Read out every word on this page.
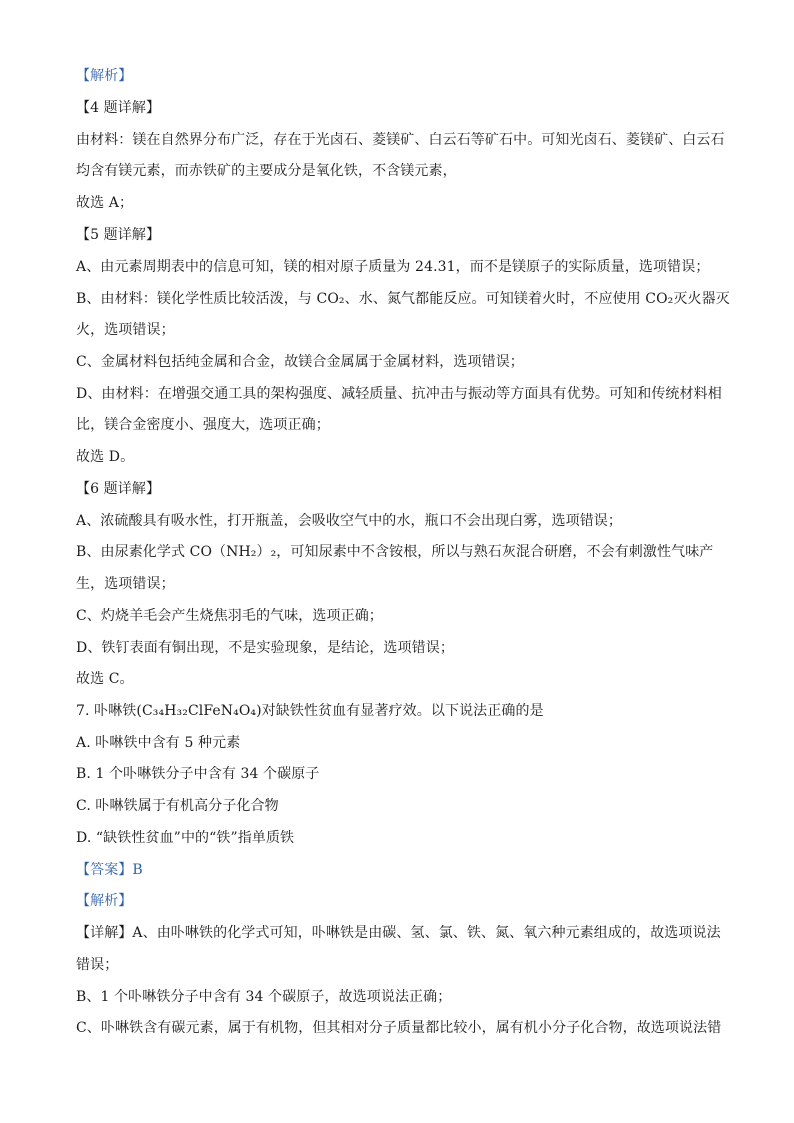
【解析】
【4 题详解】
由材料：镁在自然界分布广泛，存在于光卤石、菱镁矿、白云石等矿石中。可知光卤石、菱镁矿、白云石
均含有镁元素，而赤铁矿的主要成分是氧化铁，不含镁元素，
故选 A；
【5 题详解】
A、由元素周期表中的信息可知，镁的相对原子质量为 24.31，而不是镁原子的实际质量，选项错误；
B、由材料：镁化学性质比较活泼，与 CO₂、水、氮气都能反应。可知镁着火时，不应使用 CO₂灭火器灭
火，选项错误；
C、金属材料包括纯金属和合金，故镁合金属属于金属材料，选项错误；
D、由材料：在增强交通工具的架构强度、减轻质量、抗冲击与振动等方面具有优势。可知和传统材料相
比，镁合金密度小、强度大，选项正确；
故选 D。
【6 题详解】
A、浓硫酸具有吸水性，打开瓶盖，会吸收空气中的水，瓶口不会出现白雾，选项错误；
B、由尿素化学式 CO（NH₂）₂，可知尿素中不含铵根，所以与熟石灰混合研磨，不会有刺激性气味产
生，选项错误；
C、灼烧羊毛会产生烧焦羽毛的气味，选项正确；
D、铁钉表面有铜出现，不是实验现象，是结论，选项错误；
故选 C。
7. 卟啉铁(C₃₄H₃₂ClFeN₄O₄)对缺铁性贫血有显著疗效。以下说法正确的是
A. 卟啉铁中含有 5 种元素
B. 1 个卟啉铁分子中含有 34 个碳原子
C. 卟啉铁属于有机高分子化合物
D. “缺铁性贫血”中的“铁”指单质铁
【答案】B
【解析】
【详解】A、由卟啉铁的化学式可知，卟啉铁是由碳、氢、氯、铁、氮、氧六种元素组成的，故选项说法
错误；
B、1 个卟啉铁分子中含有 34 个碳原子，故选项说法正确；
C、卟啉铁含有碳元素，属于有机物，但其相对分子质量都比较小，属有机小分子化合物，故选项说法错
